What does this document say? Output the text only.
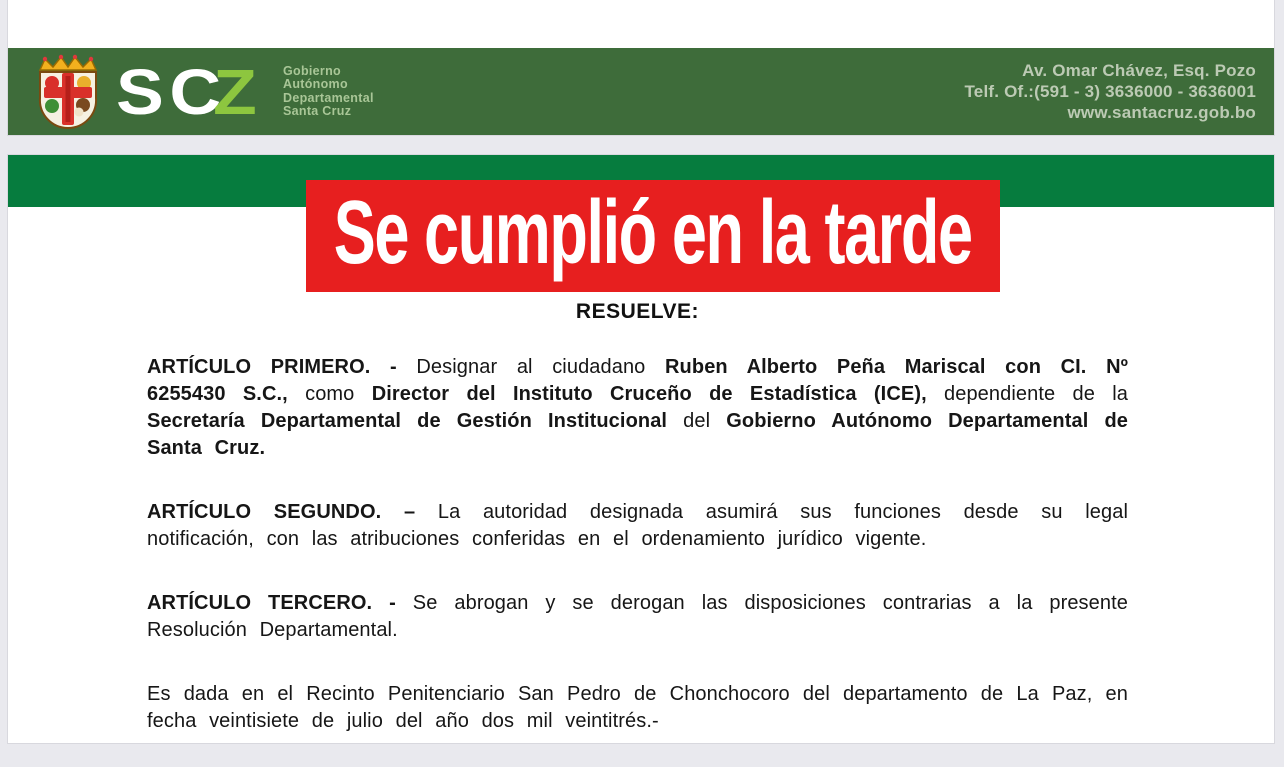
SC
Z Gobierno
Autónomo
Departamental
Santa Cruz
Av. Omar Chávez, Esq. Pozo
Telf. Of.:(591 - 3) 3636000 - 3636001
www.santacruz.gob.bo
Se cumplió en la tarde
RESUELVE:

ARTÍCULO PRIMERO. - Designar al ciudadano Ruben Alberto Peña Mariscal con CI. Nº 6255430 S.C., como Director del Instituto Cruceño de Estadística (ICE), dependiente de la Secretaría Departamental de Gestión Institucional del Gobierno Autónomo Departamental de Santa Cruz.

ARTÍCULO SEGUNDO. – La autoridad designada asumirá sus funciones desde su legal notificación, con las atribuciones conferidas en el ordenamiento jurídico vigente.

ARTÍCULO TERCERO. - Se abrogan y se derogan las disposiciones contrarias a la presente Resolución Departamental.

Es dada en el Recinto Penitenciario San Pedro de Chonchocoro del departamento de La Paz, en fecha veintisiete de julio del año dos mil veintitrés.-
